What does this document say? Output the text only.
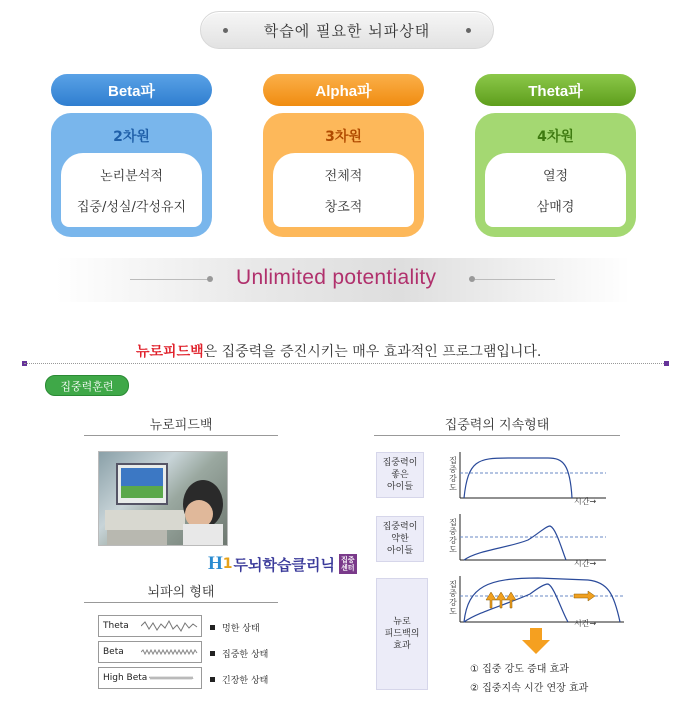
학습에 필요한 뇌파상태
Beta파
2차원
논리분석적
집중/성실/각성유지
Alpha파
3차원
전체적
창조적
Theta파
4차원
열정
삼매경
Unlimited potentiality
뉴로피드백은 집중력을 증진시키는 매우 효과적인 프로그램입니다.
집중력훈련
뉴로피드백
H 1 두뇌학습클리닉 집중
센터
뇌파의 형태
Theta	멍한 상태
Beta	집중한 상태
High Beta	긴장한 상태
집중력의 지속형태
집중력이
좋은
아이들
집
중
강
도
시간→
집중력이
약한
아이들
집
중
강
도
시간→
뉴로
피드백의
효과
집
중
강
도
시간→
① 집중 강도 증대 효과
② 집중지속 시간 연장 효과
